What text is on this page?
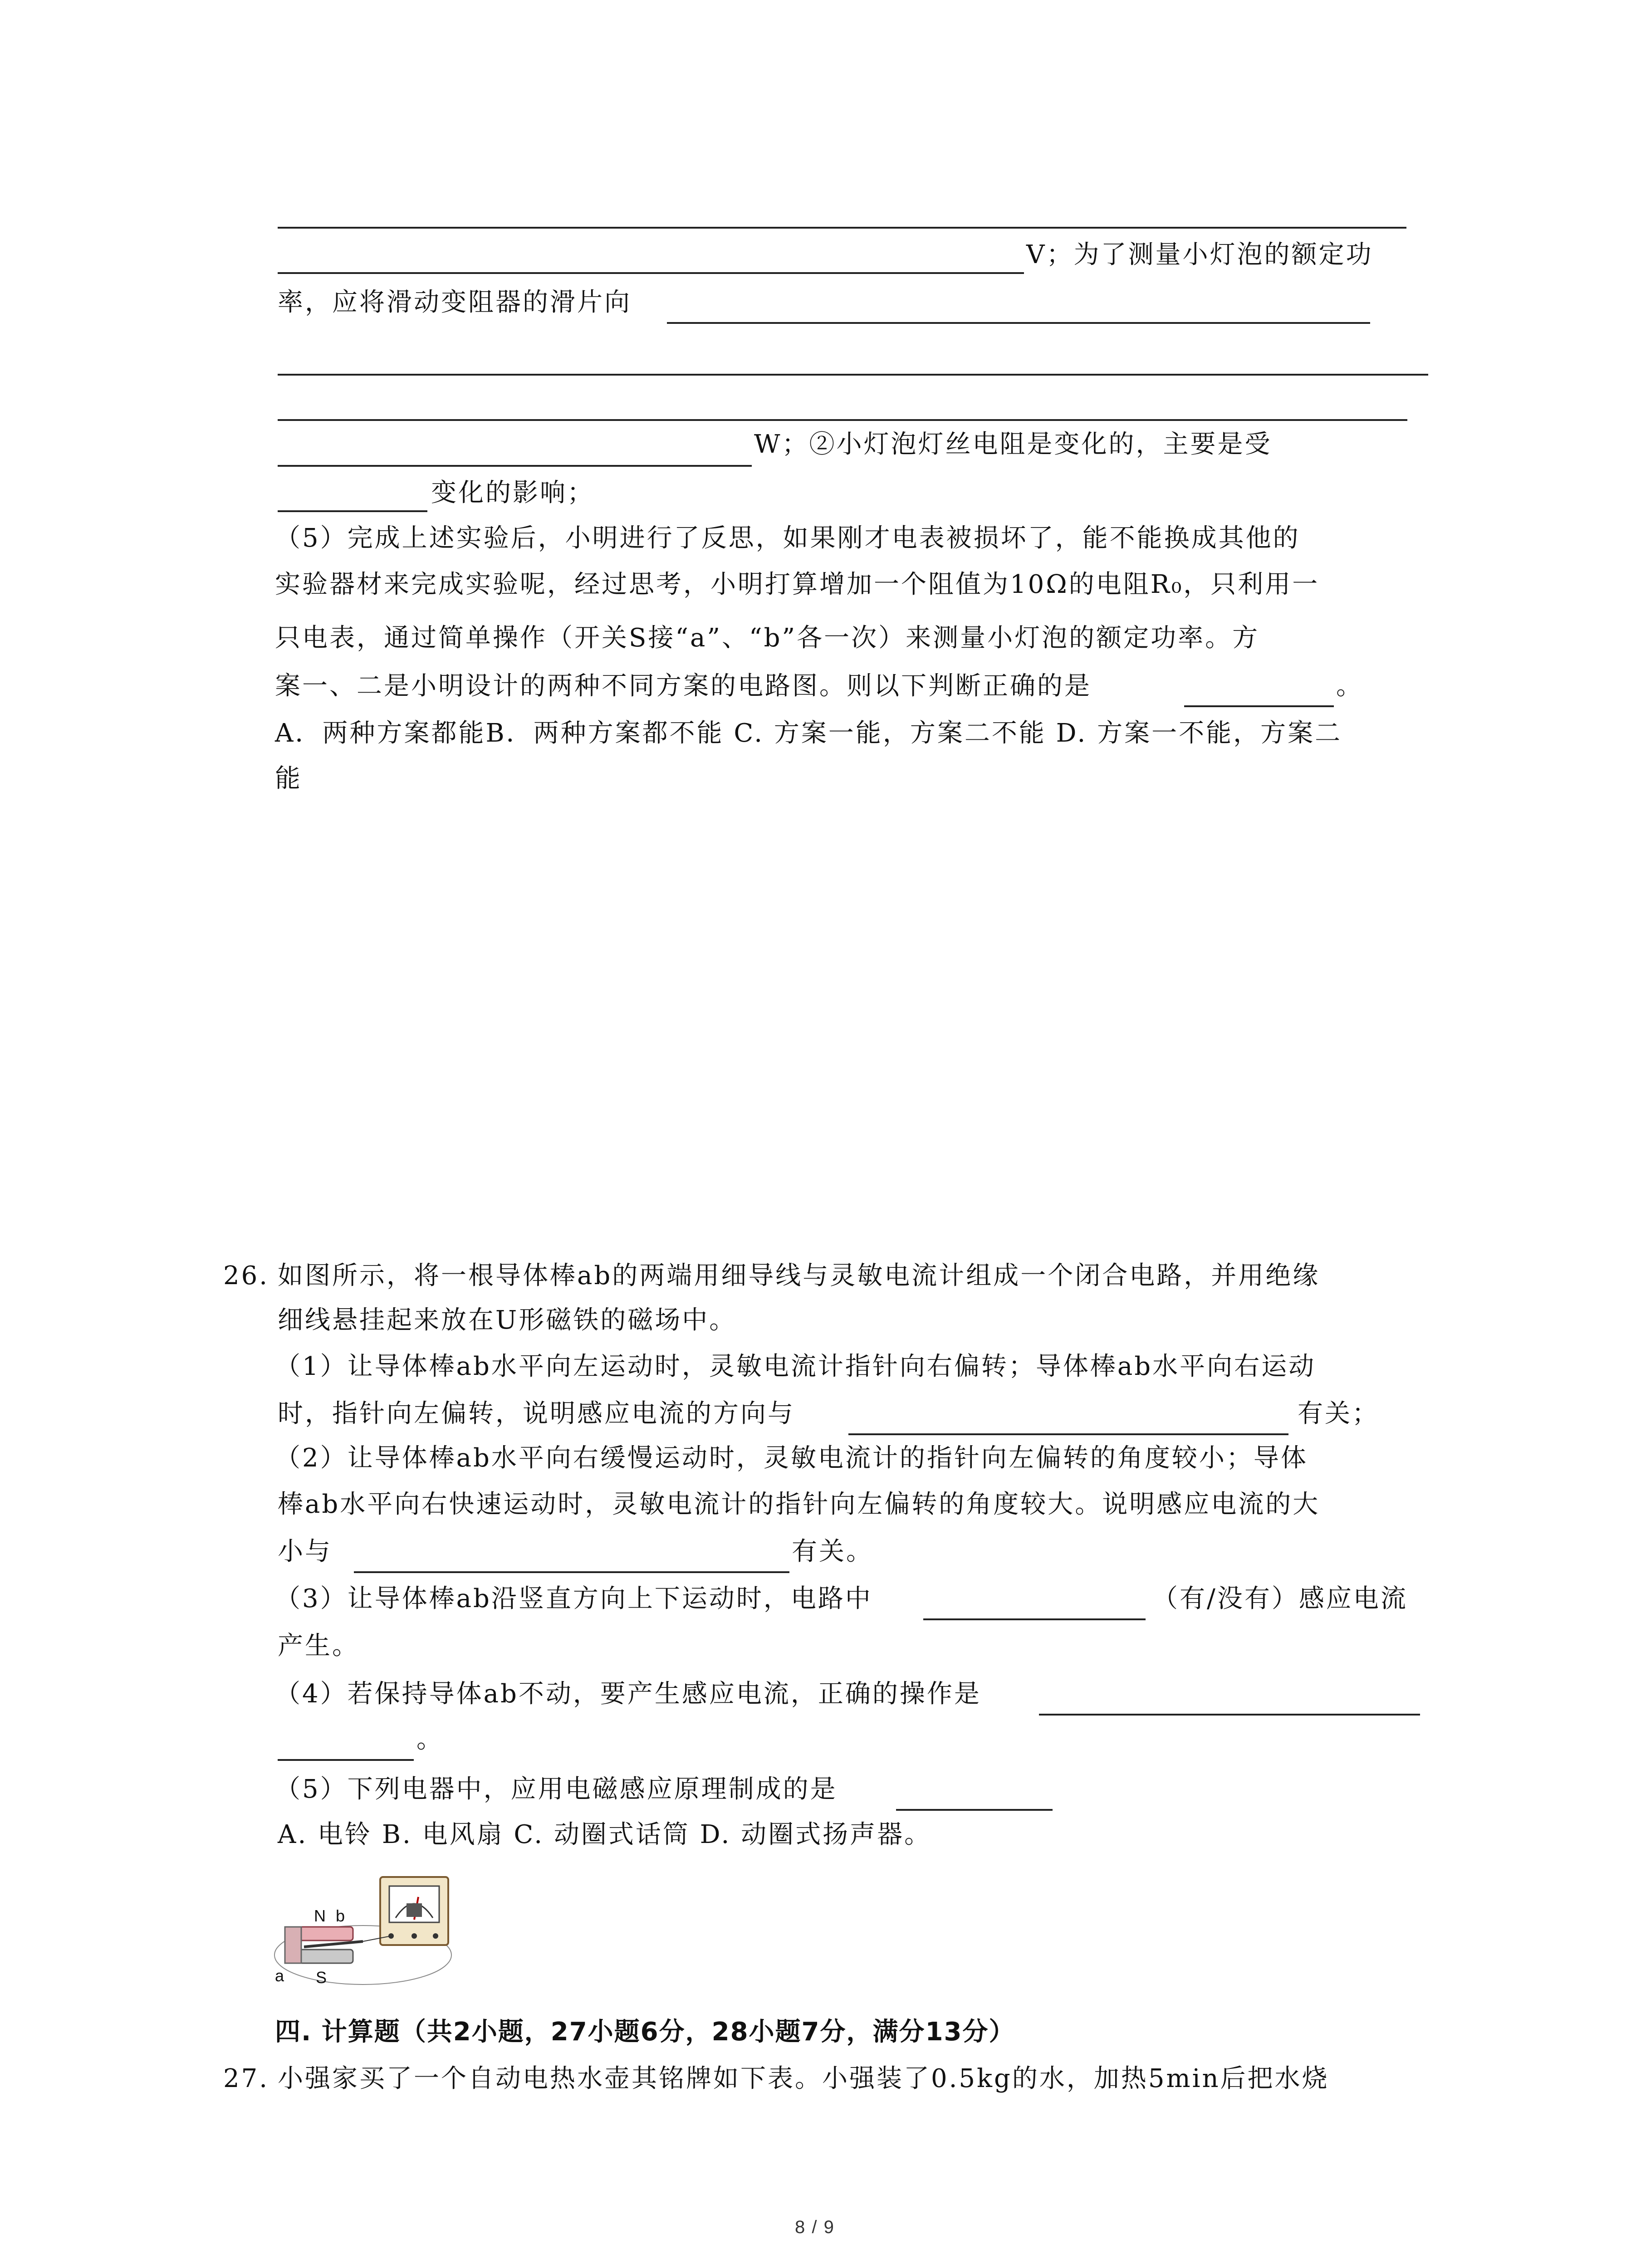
V；为了测量小灯泡的额定功
率，应将滑动变阻器的滑片向
W；②小灯泡灯丝电阻是变化的，主要是受
变化的影响；
（5）完成上述实验后，小明进行了反思，如果刚才电表被损坏了，能不能换成其他的
实验器材来完成实验呢，经过思考，小明打算增加一个阻值为10Ω的电阻R₀，只利用一
只电表，通过简单操作（开关S接“a”、“b”各一次）来测量小灯泡的额定功率。方
案一、二是小明设计的两种不同方案的电路图。则以下判断正确的是	。
A．两种方案都能B．两种方案都不能 C. 方案一能，方案二不能 D. 方案一不能，方案二
能
26. 如图所示，将一根导体棒ab的两端用细导线与灵敏电流计组成一个闭合电路，并用绝缘
细线悬挂起来放在U形磁铁的磁场中。
（1）让导体棒ab水平向左运动时，灵敏电流计指针向右偏转；导体棒ab水平向右运动
时，指针向左偏转，说明感应电流的方向与	有关；
（2）让导体棒ab水平向右缓慢运动时，灵敏电流计的指针向左偏转的角度较小；导体
棒ab水平向右快速运动时，灵敏电流计的指针向左偏转的角度较大。说明感应电流的大
小与	有关。
（3）让导体棒ab沿竖直方向上下运动时，电路中	（有/没有）感应电流
产生。
（4）若保持导体ab不动，要产生感应电流，正确的操作是
。
（5）下列电器中，应用电磁感应原理制成的是
A. 电铃 B. 电风扇 C. 动圈式话筒 D. 动圈式扬声器。
N b
S
a
四. 计算题（共2小题，27小题6分，28小题7分，满分13分）
27. 小强家买了一个自动电热水壶其铭牌如下表。小强装了0.5kg的水，加热5min后把水烧
8 / 9
